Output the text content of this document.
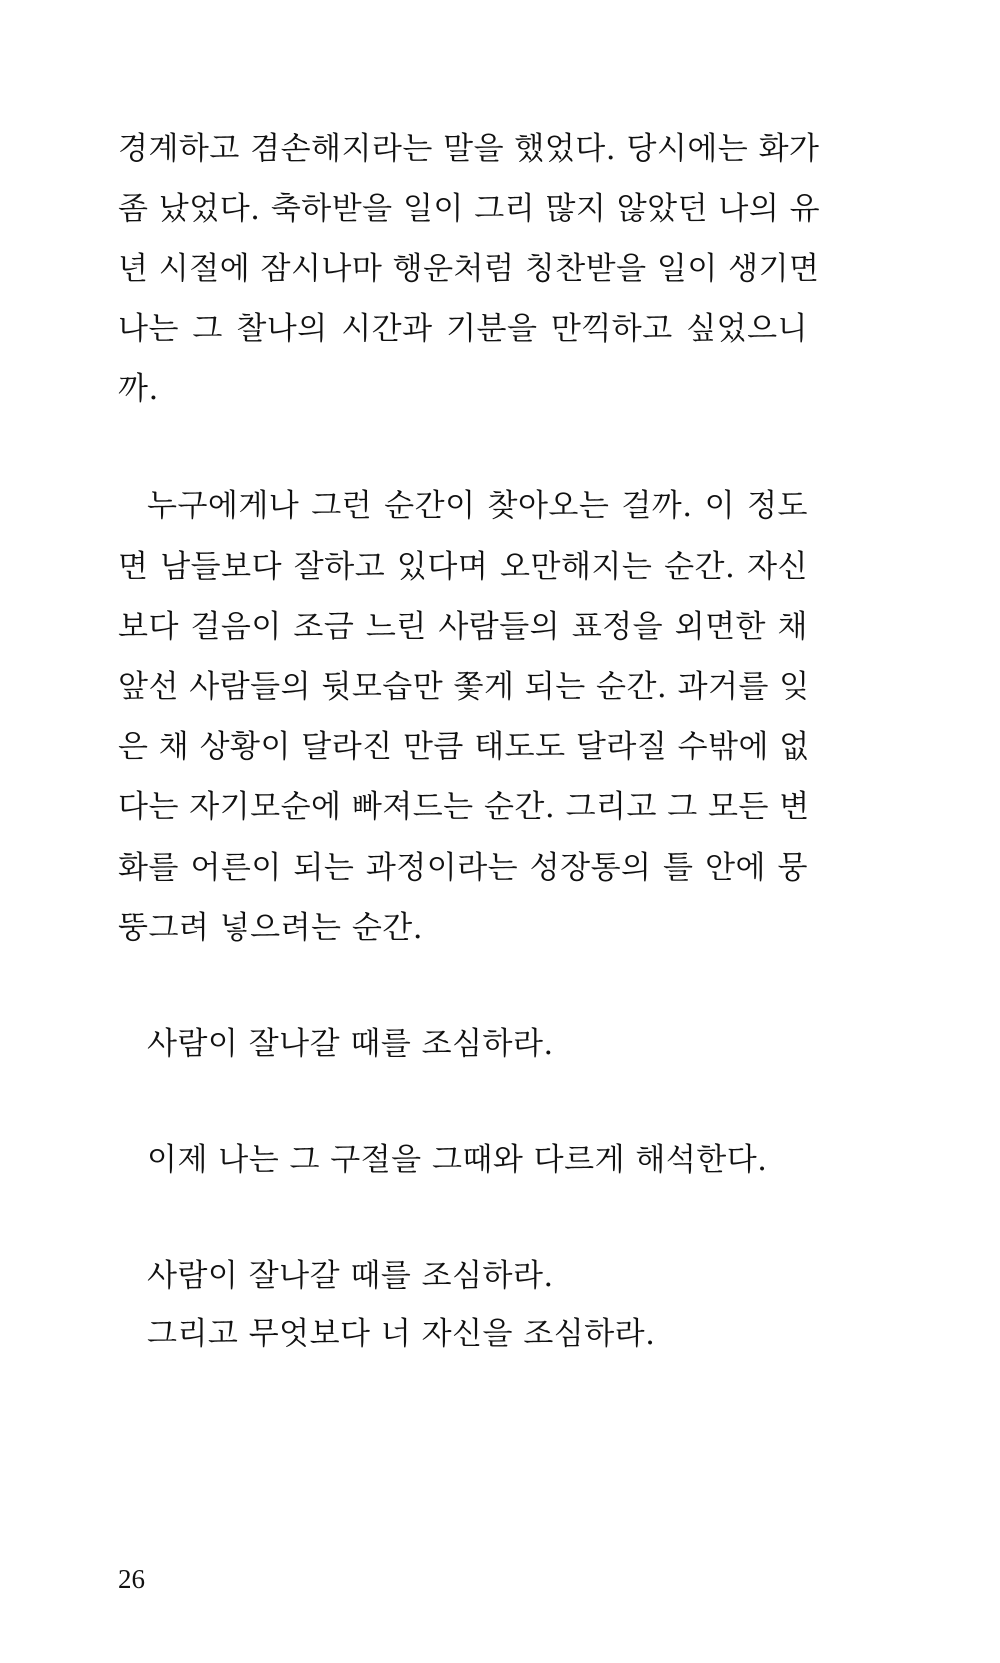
경계하고 겸손해지라는 말을 했었다. 당시에는 화가
좀 났었다. 축하받을 일이 그리 많지 않았던 나의 유
년 시절에 잠시나마 행운처럼 칭찬받을 일이 생기면
나는 그 찰나의 시간과 기분을 만끽하고 싶었으니
까.
누구에게나 그런 순간이 찾아오는 걸까. 이 정도
면 남들보다 잘하고 있다며 오만해지는 순간. 자신
보다 걸음이 조금 느린 사람들의 표정을 외면한 채
앞선 사람들의 뒷모습만 쫓게 되는 순간. 과거를 잊
은 채 상황이 달라진 만큼 태도도 달라질 수밖에 없
다는 자기모순에 빠져드는 순간. 그리고 그 모든 변
화를 어른이 되는 과정이라는 성장통의 틀 안에 뭉
뚱그려 넣으려는 순간.
사람이 잘나갈 때를 조심하라.
이제 나는 그 구절을 그때와 다르게 해석한다.
사람이 잘나갈 때를 조심하라.
그리고 무엇보다 너 자신을 조심하라.
26
